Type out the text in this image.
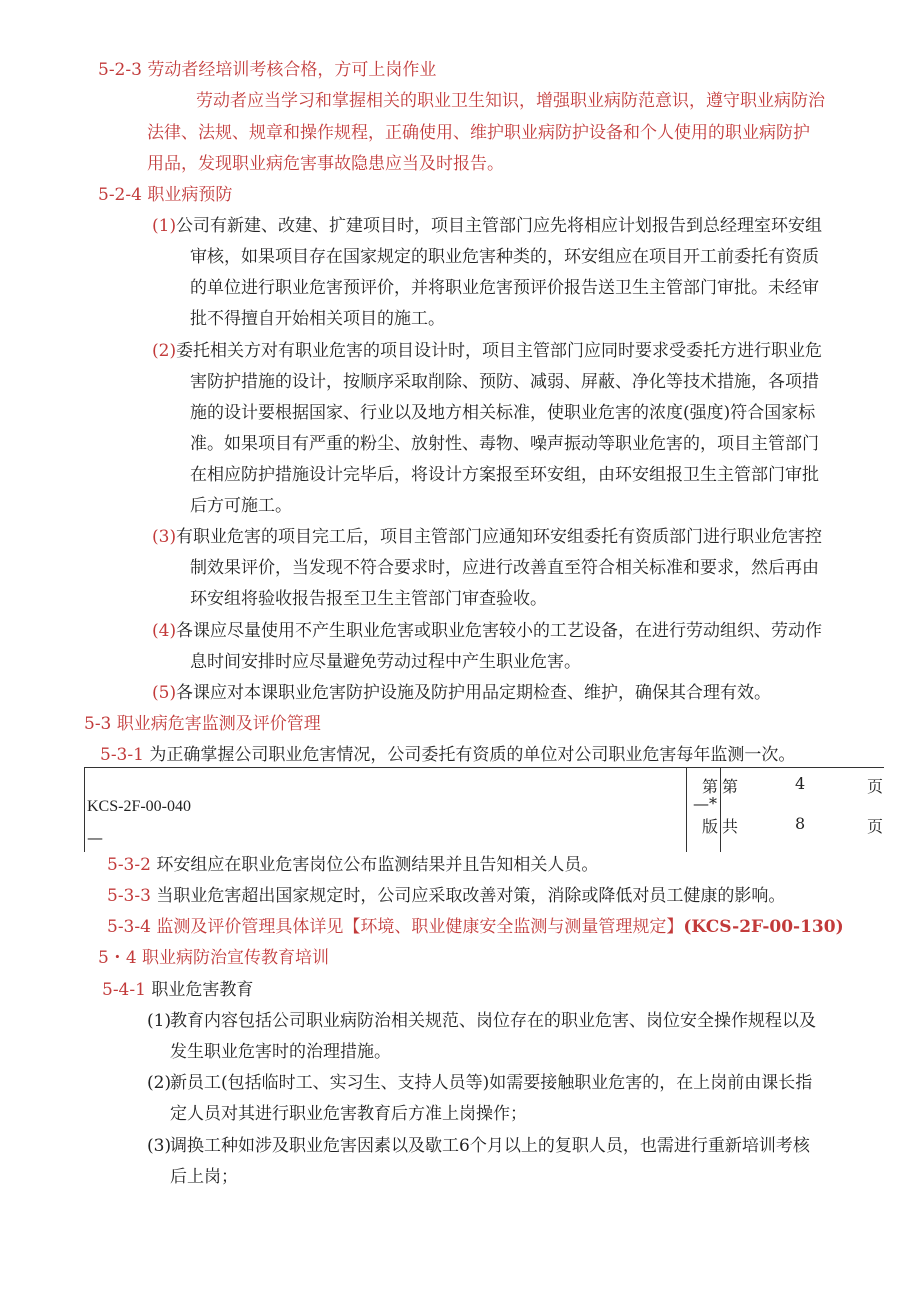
5-2-3 劳动者经培训考核合格，方可上岗作业
劳动者应当学习和掌握相关的职业卫生知识，增强职业病防范意识，遵守职业病防治
法律、法规、规章和操作规程，正确使用、维护职业病防护设备和个人使用的职业病防护
用品，发现职业病危害事故隐患应当及时报告。
5-2-4 职业病预防
(1) 公司有新建、改建、扩建项目时，项目主管部门应先将相应计划报告到总经理室环安组
审核，如果项目存在国家规定的职业危害种类的，环安组应在项目开工前委托有资质
的单位进行职业危害预评价，并将职业危害预评价报告送卫生主管部门审批。未经审
批不得擅自开始相关项目的施工。
(2) 委托相关方对有职业危害的项目设计时，项目主管部门应同时要求受委托方进行职业危
害防护措施的设计，按顺序采取削除、预防、减弱、屏蔽、净化等技术措施，各项措
施的设计要根据国家、行业以及地方相关标准，使职业危害的浓度(强度)符合国家标
准。如果项目有严重的粉尘、放射性、毒物、噪声振动等职业危害的，项目主管部门
在相应防护措施设计完毕后，将设计方案报至环安组，由环安组报卫生主管部门审批
后方可施工。
(3) 有职业危害的项目完工后，项目主管部门应通知环安组委托有资质部门进行职业危害控
制效果评价，当发现不符合要求时，应进行改善直至符合相关标准和要求，然后再由
环安组将验收报告报至卫生主管部门审查验收。
(4) 各课应尽量使用不产生职业危害或职业危害较小的工艺设备，在进行劳动组织、劳动作
息时间安排时应尽量避免劳动过程中产生职业危害。
(5) 各课应对本课职业危害防护设施及防护用品定期检查、维护，确保其合理有效。
5-3 职业病危害监测及评价管理
5-3-1 为正确掌握公司职业危害情况，公司委托有资质的单位对公司职业危害每年监测一次。
KCS-2F-00-040
—
第
—*
版
第	4	页
共	8	页
5-3-2 环安组应在职业危害岗位公布监测结果并且告知相关人员。
5-3-3 当职业危害超出国家规定时，公司应采取改善对策，消除或降低对员工健康的影响。
5-3-4 监测及评价管理具体详见【环境、职业健康安全监测与测量管理规定】(KCS-2F-00-130)
5・4 职业病防治宣传教育培训
5-4-1 职业危害教育
(1)
教育内容包括公司职业病防治相关规范、岗位存在的职业危害、岗位安全操作规程以及
发生职业危害时的治理措施。
(2)
新员工(包括临时工、实习生、支持人员等)如需要接触职业危害的，在上岗前由课长指
定人员对其进行职业危害教育后方准上岗操作；
(3)
调换工种如涉及职业危害因素以及歇工6个月以上的复职人员，也需进行重新培训考核
后上岗；
